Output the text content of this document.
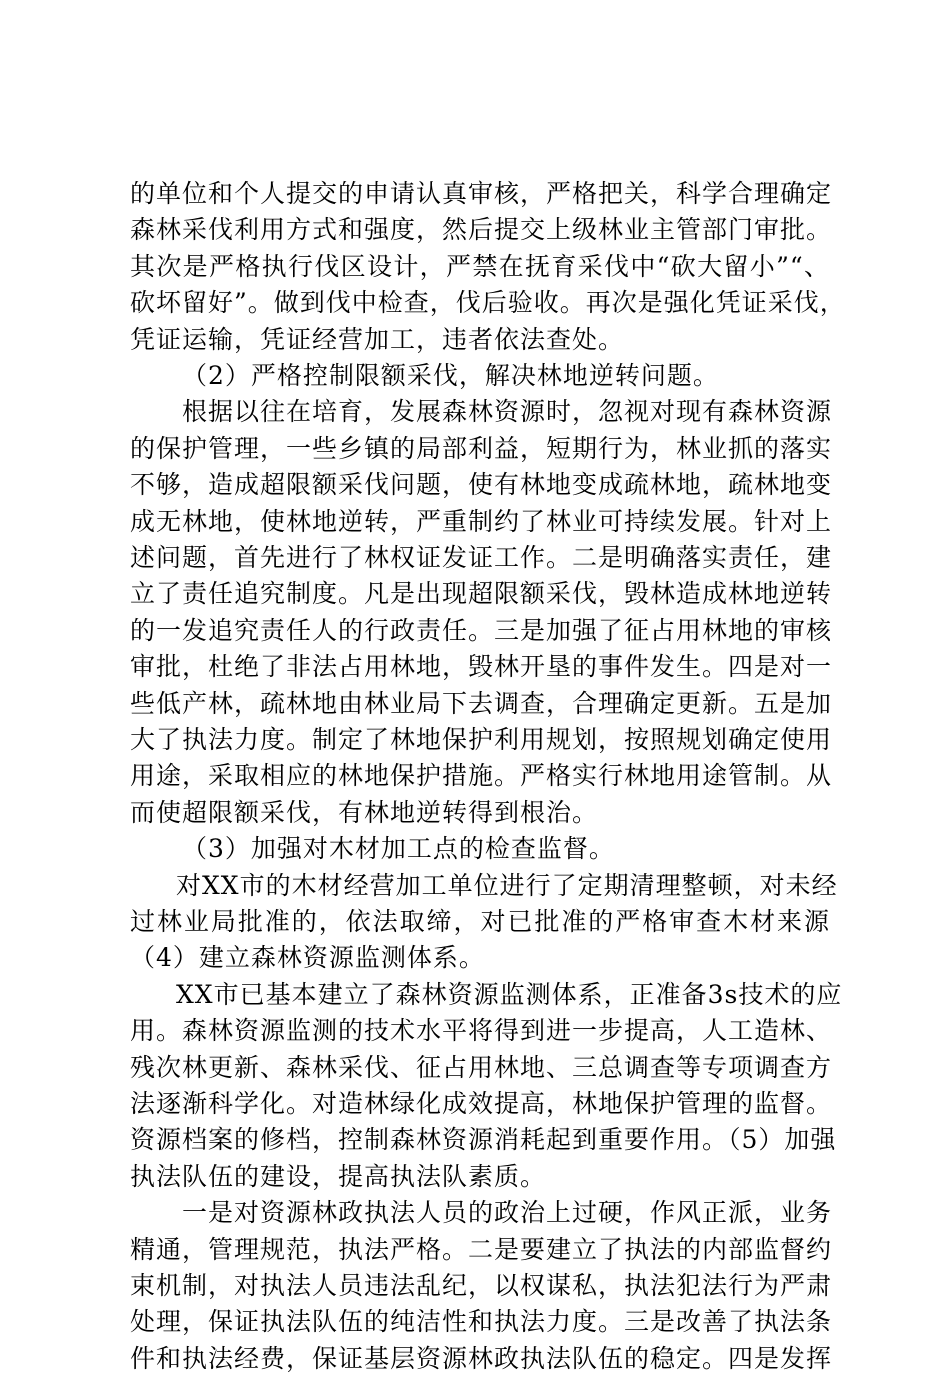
的单位和个人提交的申请认真审核，严格把关，科学合理确定
森林采伐利用方式和强度，然后提交上级林业主管部门审批。
其次是严格执行伐区设计，严禁在抚育采伐中“砍大留小”“、
砍坏留好”。做到伐中检查，伐后验收。再次是强化凭证采伐，
凭证运输，凭证经营加工，违者依法查处。
（2）严格控制限额采伐，解决林地逆转问题。
根据以往在培育，发展森林资源时，忽视对现有森林资源
的保护管理，一些乡镇的局部利益，短期行为，林业抓的落实
不够，造成超限额采伐问题，使有林地变成疏林地，疏林地变
成无林地，使林地逆转，严重制约了林业可持续发展。针对上
述问题，首先进行了林权证发证工作。二是明确落实责任，建
立了责任追究制度。凡是出现超限额采伐，毁林造成林地逆转
的一发追究责任人的行政责任。三是加强了征占用林地的审核
审批，杜绝了非法占用林地，毁林开垦的事件发生。四是对一
些低产林，疏林地由林业局下去调查，合理确定更新。五是加
大了执法力度。制定了林地保护利用规划，按照规划确定使用
用途，采取相应的林地保护措施。严格实行林地用途管制。从
而使超限额采伐，有林地逆转得到根治。
（3）加强对木材加工点的检查监督。
对XX市的木材经营加工单位进行了定期清理整顿，对未经
过林业局批准的，依法取缔，对已批准的严格审查木材来源
（4）建立森林资源监测体系。
XX市已基本建立了森林资源监测体系，正准备3s技术的应
用。森林资源监测的技术水平将得到进一步提高，人工造林、
残次林更新、森林采伐、征占用林地、三总调查等专项调查方
法逐渐科学化。对造林绿化成效提高，林地保护管理的监督。
资源档案的修档，控制森林资源消耗起到重要作用。（5）加强
执法队伍的建设，提高执法队素质。
一是对资源林政执法人员的政治上过硬，作风正派，业务
精通，管理规范，执法严格。二是要建立了执法的内部监督约
束机制，对执法人员违法乱纪，以权谋私，执法犯法行为严肃
处理，保证执法队伍的纯洁性和执法力度。三是改善了执法条
件和执法经费，保证基层资源林政执法队伍的稳定。四是发挥
